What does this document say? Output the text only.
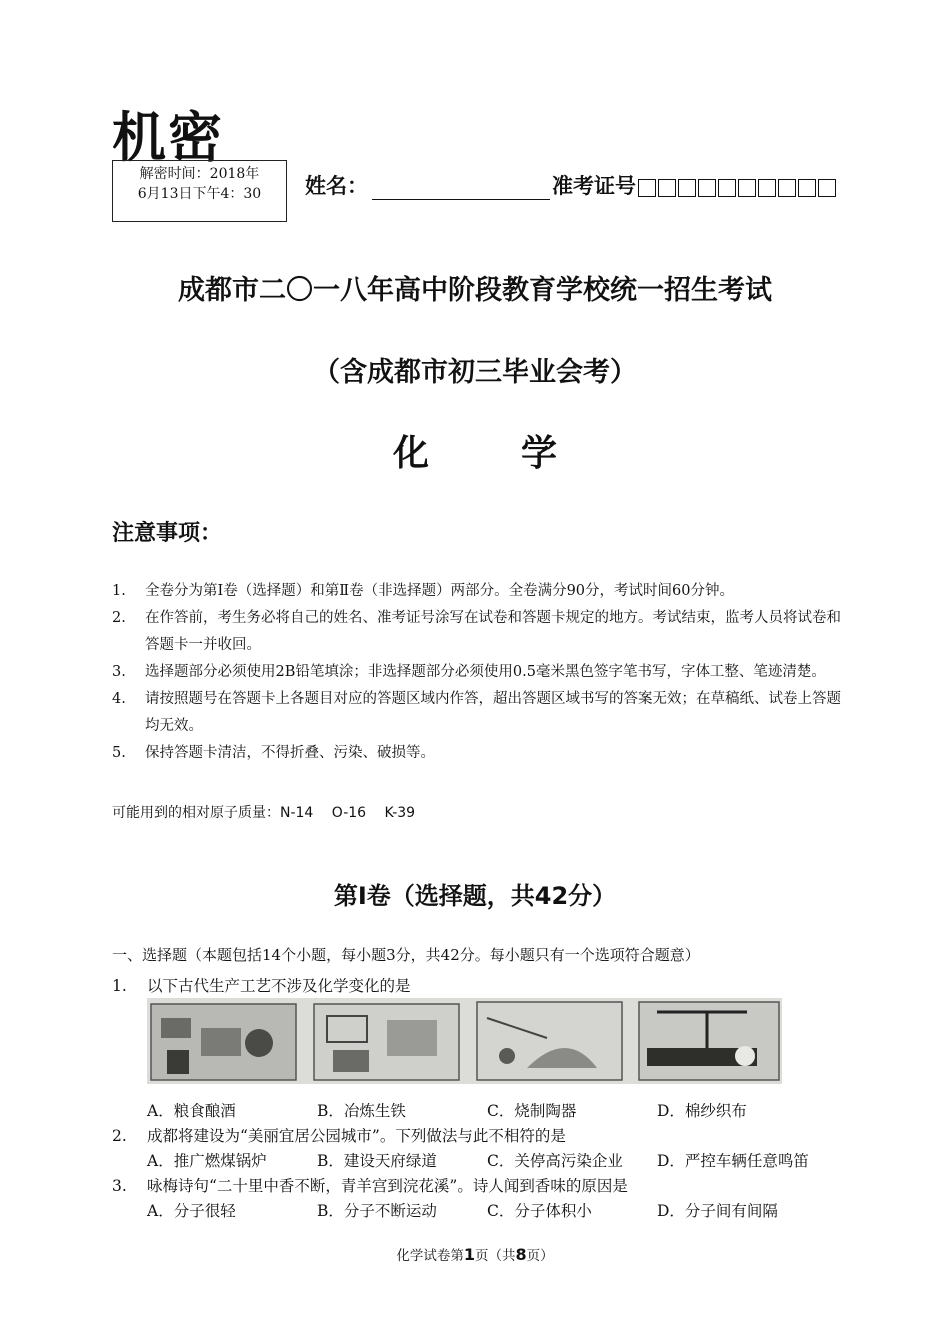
机密
解密时间：2018年
6月13日下午4：30	姓名：	准考证号
成都市二〇一八年高中阶段教育学校统一招生考试
（含成都市初三毕业会考）
化	学
注意事项：
1.	全卷分为第Ⅰ卷（选择题）和第Ⅱ卷（非选择题）两部分。全卷满分90分，考试时间60分钟。
2.	在作答前，考生务必将自己的姓名、准考证号涂写在试卷和答题卡规定的地方。考试结束，监考人员将试卷和答题卡一并收回。
3.	选择题部分必须使用2B铅笔填涂；非选择题部分必须使用0.5毫米黑色签字笔书写，字体工整、笔迹清楚。
4.	请按照题号在答题卡上各题目对应的答题区域内作答，超出答题区域书写的答案无效；在草稿纸、试卷上答题均无效。
5.	保持答题卡清洁，不得折叠、污染、破损等。
可能用到的相对原子质量：N-14　 O-16　 K-39
第Ⅰ卷（选择题，共42分）
一、选择题（本题包括14个小题，每小题3分，共42分。每小题只有一个选项符合题意）
1. 以下古代生产工艺不涉及化学变化的是
A．粮食酿酒	B．冶炼生铁	C．烧制陶器	D．棉纱织布
2. 成都将建设为“美丽宜居公园城市”。下列做法与此不相符的是
A．推广燃煤锅炉	B．建设天府绿道	C．关停高污染企业 D．严控车辆任意鸣笛
3. 咏梅诗句“二十里中香不断，青羊宫到浣花溪”。诗人闻到香味的原因是
A．分子很轻	B．分子不断运动	C．分子体积小	D．分子间有间隔
化学试卷第1页（共8页）
